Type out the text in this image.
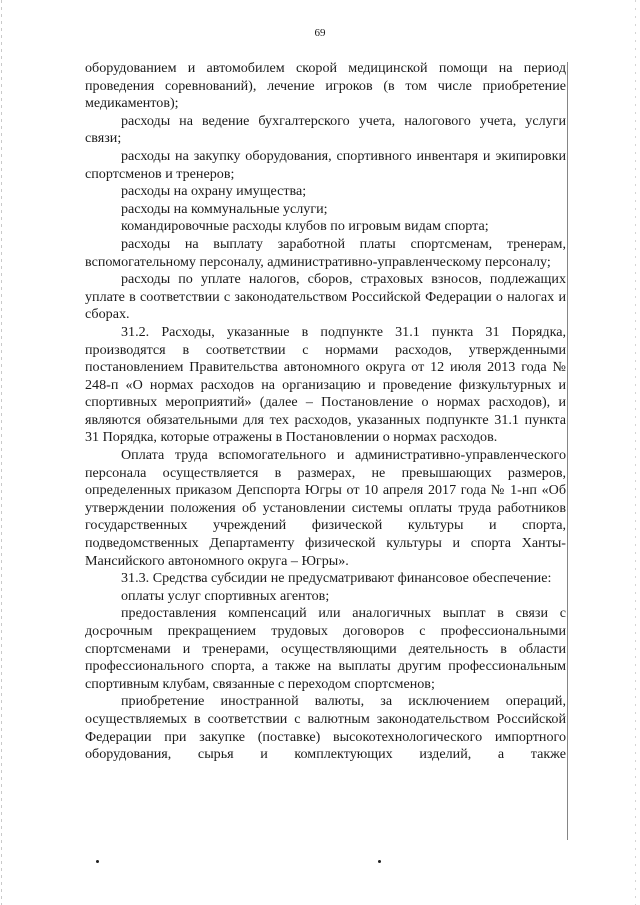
69

оборудованием и автомобилем скорой медицинской помощи на период проведения соревнований), лечение игроков (в том числе приобретение медикаментов);

расходы на ведение бухгалтерского учета, налогового учета, услуги связи;

расходы на закупку оборудования, спортивного инвентаря и экипировки спортсменов и тренеров;

расходы на охрану имущества;

расходы на коммунальные услуги;

командировочные расходы клубов по игровым видам спорта;

расходы на выплату заработной платы спортсменам, тренерам, вспомогательному персоналу, административно-управленческому персоналу;

расходы по уплате налогов, сборов, страховых взносов, подлежащих уплате в соответствии с законодательством Российской Федерации о налогах и сборах.

31.2. Расходы, указанные в подпункте 31.1 пункта 31 Порядка, производятся в соответствии с нормами расходов, утвержденными постановлением Правительства автономного округа от 12 июля 2013 года № 248-п «О нормах расходов на организацию и проведение физкультурных и спортивных мероприятий» (далее – Постановление о нормах расходов), и являются обязательными для тех расходов, указанных подпункте 31.1 пункта 31 Порядка, которые отражены в Постановлении о нормах расходов.

Оплата труда вспомогательного и административно-управленческого персонала осуществляется в размерах, не превышающих размеров, определенных приказом Депспорта Югры от 10 апреля 2017 года № 1-нп «Об утверждении положения об установлении системы оплаты труда работников государственных учреждений физической культуры и спорта, подведомственных Департаменту физической культуры и спорта Ханты-Мансийского автономного округа – Югры».

31.3. Средства субсидии не предусматривают финансовое обеспечение:

оплаты услуг спортивных агентов;

предоставления компенсаций или аналогичных выплат в связи с досрочным прекращением трудовых договоров с профессиональными спортсменами и тренерами, осуществляющими деятельность в области профессионального спорта, а также на выплаты другим профессиональным спортивным клубам, связанные с переходом спортсменов;

приобретение иностранной валюты, за исключением операций, осуществляемых в соответствии с валютным законодательством Российской Федерации при закупке (поставке) высокотехнологического импортного оборудования, сырья и комплектующих изделий, а также
